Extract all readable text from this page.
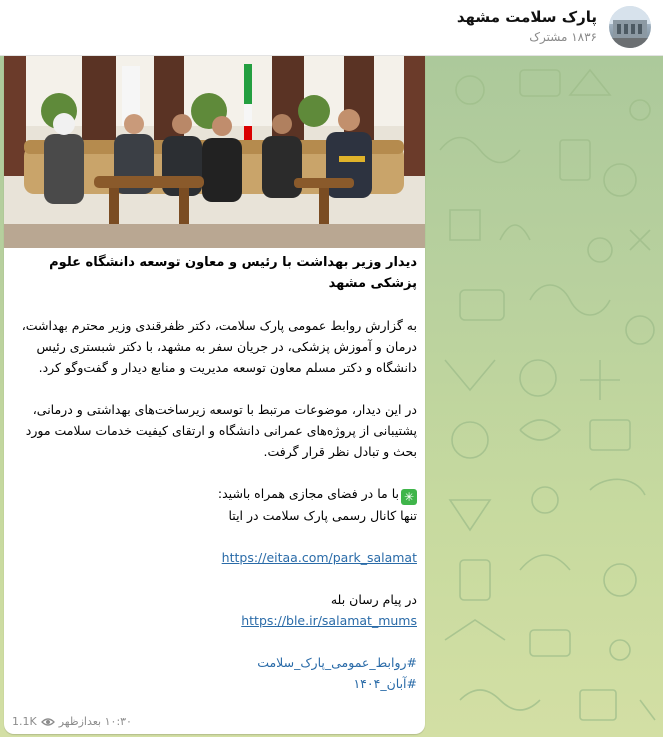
پارک سلامت مشهد
۱۸۳۶ مشترک
دیدار وزیر بهداشت با رئیس و معاون توسعه دانشگاه علوم پزشکی مشهد
به گزارش روابط عمومی پارک سلامت، دکتر ظفرقندی وزیر محترم بهداشت، درمان و آموزش پزشکی، در جریان سفر به مشهد، با دکتر شبستری رئیس دانشگاه و دکتر مسلم معاون توسعه مدیریت و منابع دیدار و گفت‌وگو کرد.
در این دیدار، موضوعات مرتبط با توسعه زیرساخت‌های بهداشتی و درمانی، پشتیبانی از پروژه‌های عمرانی دانشگاه و ارتقای کیفیت خدمات سلامت مورد بحث و تبادل نظر قرار گرفت.

✳با ما در فضای مجازی همراه باشید:

تنها کانال رسمی پارک سلامت در ایتا

https://eitaa.com/park_salamat

در پیام رسان بله

https://ble.ir/salamat_mums

#روابط_عمومی_پارک_سلامت

#آبان_۱۴۰۴

1.1K ۱۰:۳۰ بعدازظهر
